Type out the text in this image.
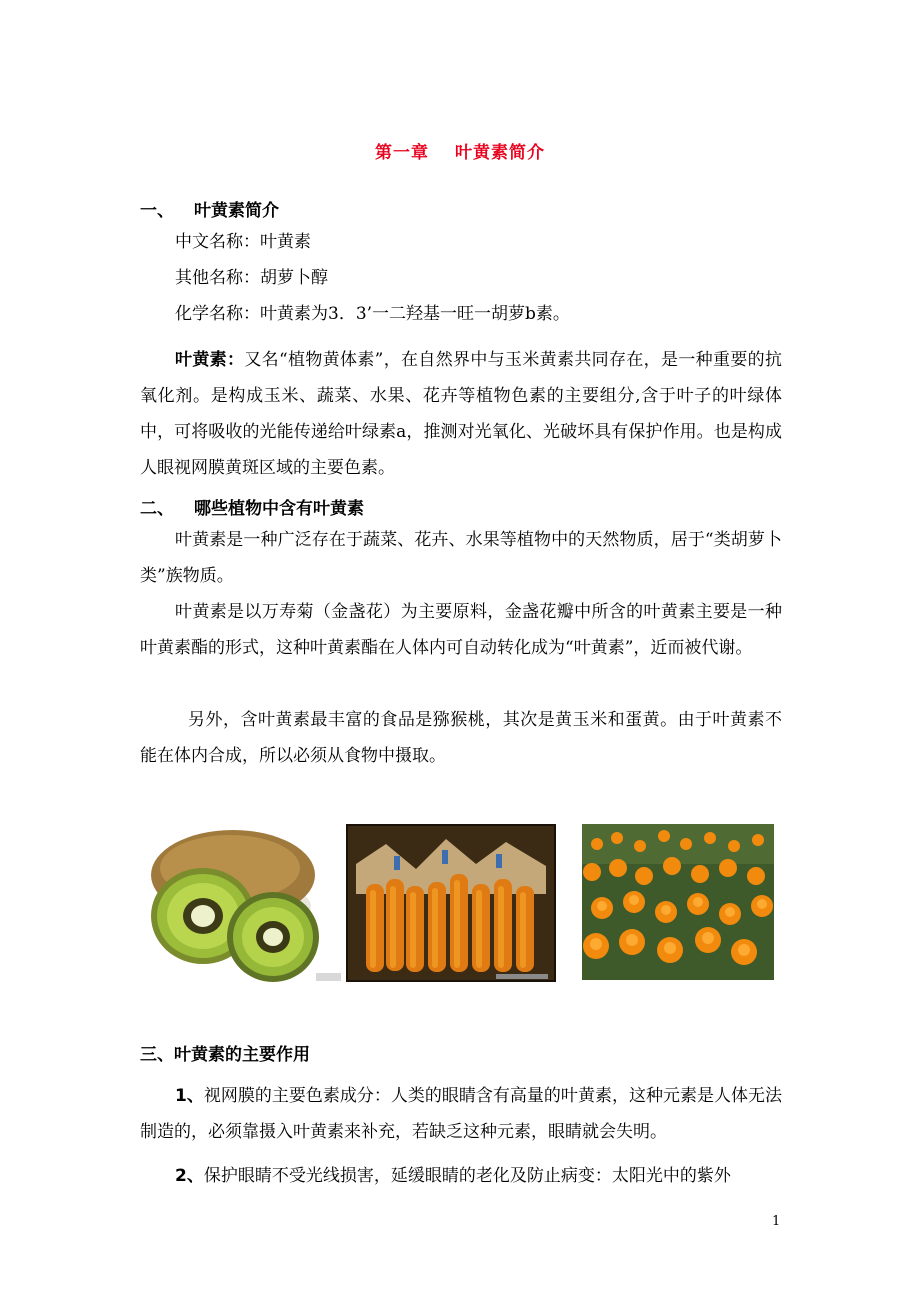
第一章 叶黄素简介
一、 叶黄素简介
中文名称：叶黄素
其他名称：胡萝卜醇
化学名称：叶黄素为3．3’一二羟基一旺一胡萝b素。
叶黄素：又名“植物黄体素”，在自然界中与玉米黄素共同存在，是一种重要的抗氧化剂。是构成玉米、蔬菜、水果、花卉等植物色素的主要组分,含于叶子的叶绿体中，可将吸收的光能传递给叶绿素a，推测对光氧化、光破坏具有保护作用。也是构成人眼视网膜黄斑区域的主要色素。
二、 哪些植物中含有叶黄素
叶黄素是一种广泛存在于蔬菜、花卉、水果等植物中的天然物质，居于“类胡萝卜类”族物质。
叶黄素是以万寿菊（金盏花）为主要原料，金盏花瓣中所含的叶黄素主要是一种叶黄素酯的形式，这种叶黄素酯在人体内可自动转化成为“叶黄素”，近而被代谢。
另外，含叶黄素最丰富的食品是猕猴桃，其次是黄玉米和蛋黄。由于叶黄素不能在体内合成，所以必须从食物中摄取。
三、叶黄素的主要作用
1、视网膜的主要色素成分：人类的眼睛含有高量的叶黄素，这种元素是人体无法制造的，必须靠摄入叶黄素来补充，若缺乏这种元素，眼睛就会失明。
2、保护眼睛不受光线损害，延缓眼睛的老化及防止病变：太阳光中的紫外
1
